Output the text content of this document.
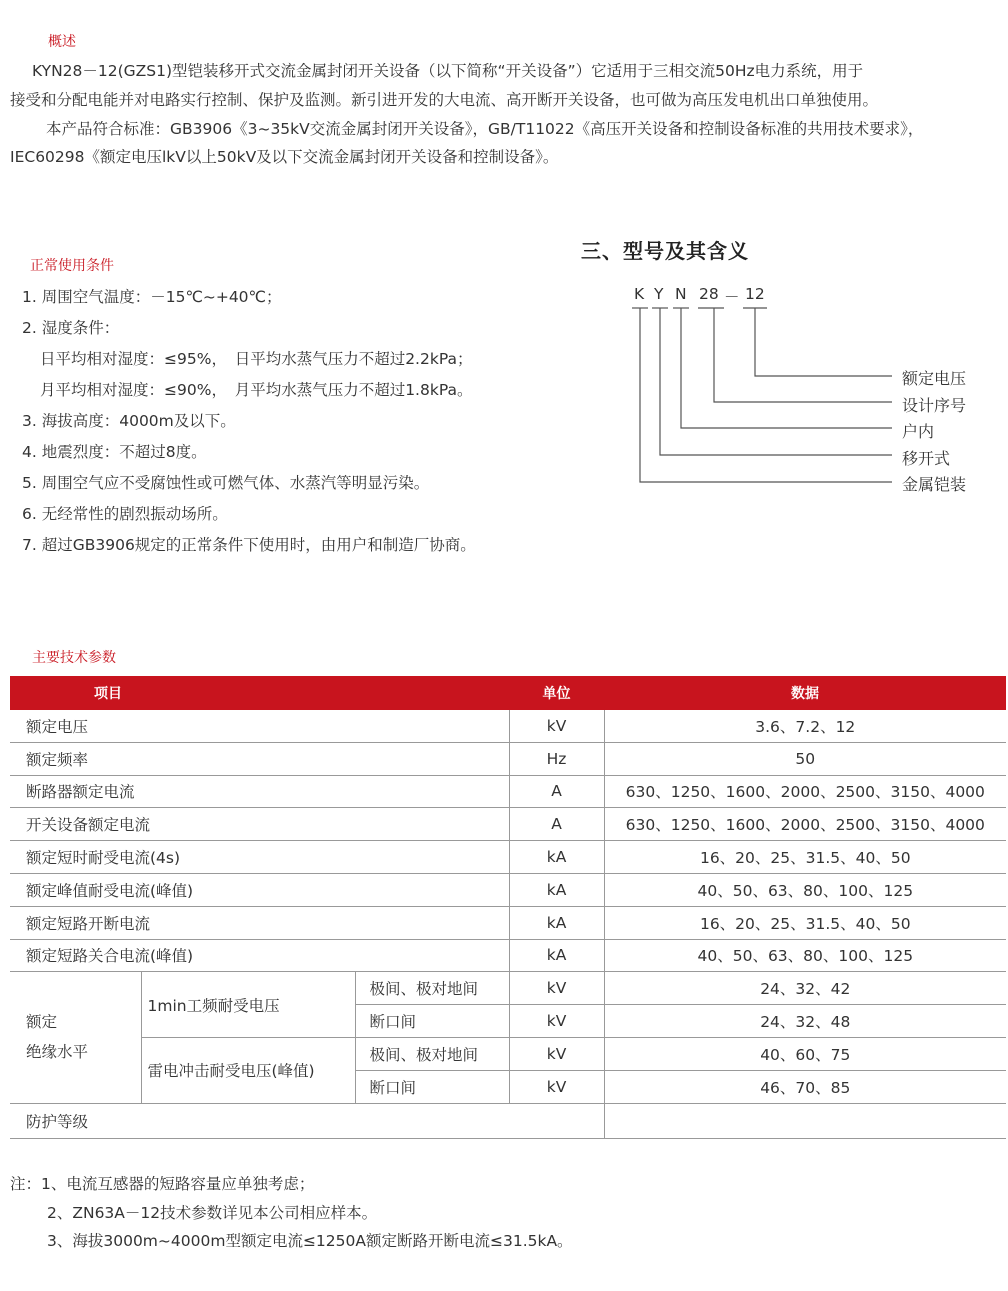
概述
KYN28－12(GZS1)型铠装移开式交流金属封闭开关设备（以下简称“开关设备”）它适用于三相交流50Hz电力系统，用于
接受和分配电能并对电路实行控制、保护及监测。新引进开发的大电流、高开断开关设备，也可做为高压发电机出口单独使用。
本产品符合标准：GB3906《3~35kV交流金属封闭开关设备》，GB/T11022《高压开关设备和控制设备标准的共用技术要求》，
IEC60298《额定电压lkV以上50kV及以下交流金属封闭开关设备和控制设备》。
正常使用条件
1. 周围空气温度：－15℃~+40℃；
2. 湿度条件：
日平均相对湿度：≤95%，　日平均水蒸气压力不超过2.2kPa；
月平均相对湿度：≤90%，　月平均水蒸气压力不超过1.8kPa。
3. 海拔高度：4000m及以下。
4. 地震烈度：不超过8度。
5. 周围空气应不受腐蚀性或可燃气体、水蒸汽等明显污染。
6. 无经常性的剧烈振动场所。
7. 超过GB3906规定的正常条件下使用时，由用户和制造厂协商。
三、型号及其含义
K Y N 28 － 12
额定电压
设计序号
户内
移开式
金属铠装
主要技术参数
项目			单位	数据
额定电压			kV	3.6、7.2、12
额定频率			Hz	50
断路器额定电流			A	630、1250、1600、2000、2500、3150、4000
开关设备额定电流			A	630、1250、1600、2000、2500、3150、4000
额定短时耐受电流(4s)			kA	16、20、25、31.5、40、50
额定峰值耐受电流(峰值)			kA	40、50、63、80、100、125
额定短路开断电流			kA	16、20、25、31.5、40、50
额定短路关合电流(峰值)			kA	40、50、63、80、100、125

额定
绝缘水平	1min工频耐受电压	极间、极对地间	kV	24、32、42
		断口间	kV	24、32、48
	雷电冲击耐受电压(峰值)	极间、极对地间	kV	40、60、75
		断口间	kV	46、70、85
防护等级				
注：1、电流互感器的短路容量应单独考虑；
2、ZN63A－12技术参数详见本公司相应样本。
3、海拔3000m~4000m型额定电流≤1250A额定断路开断电流≤31.5kA。
